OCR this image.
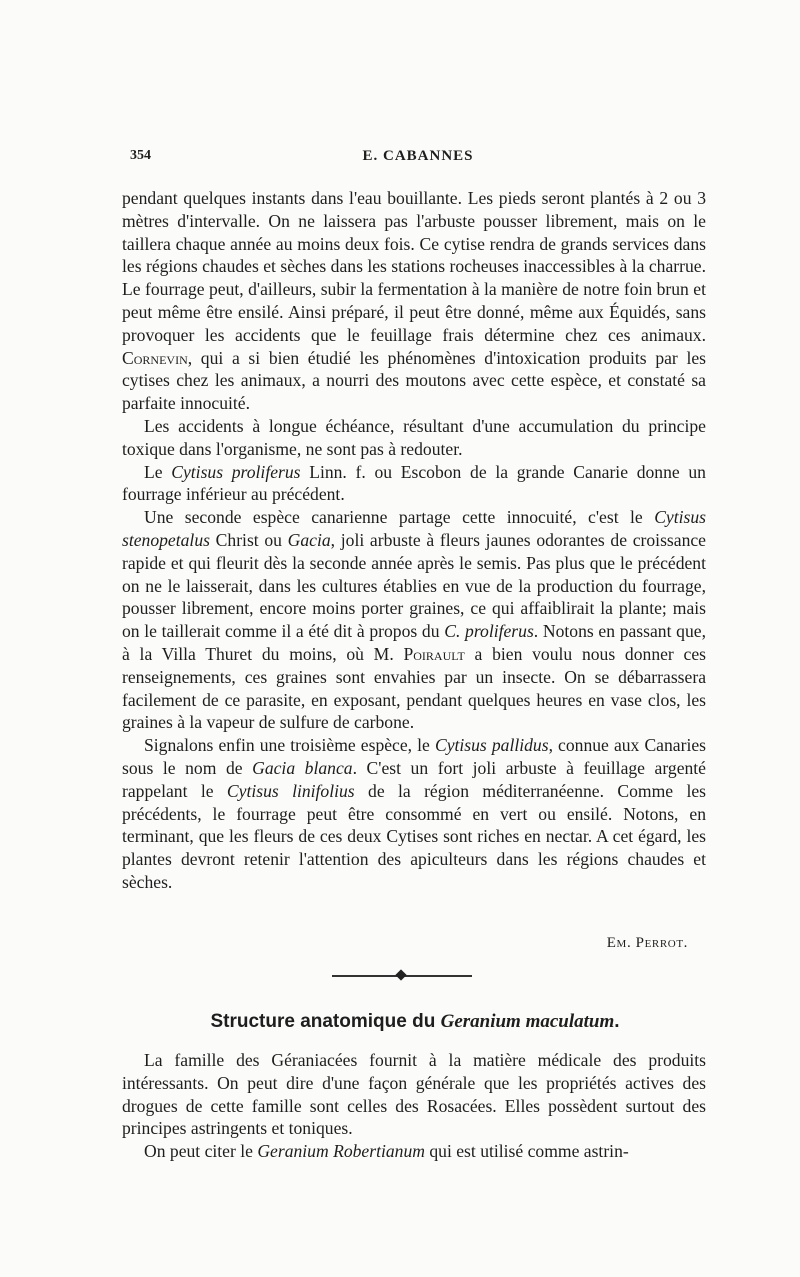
354	E. CABANNES

pendant quelques instants dans l'eau bouillante. Les pieds seront plantés à 2 ou 3 mètres d'intervalle. On ne laissera pas l'arbuste pousser librement, mais on le taillera chaque année au moins deux fois. Ce cytise rendra de grands services dans les régions chaudes et sèches dans les stations rocheuses inaccessibles à la charrue. Le fourrage peut, d'ailleurs, subir la fermentation à la manière de notre foin brun et peut même être ensilé. Ainsi préparé, il peut être donné, même aux Équidés, sans provoquer les accidents que le feuillage frais détermine chez ces animaux. Cornevin, qui a si bien étudié les phénomènes d'intoxication produits par les cytises chez les animaux, a nourri des moutons avec cette espèce, et constaté sa parfaite innocuité.

Les accidents à longue échéance, résultant d'une accumulation du principe toxique dans l'organisme, ne sont pas à redouter.

Le Cytisus proliferus Linn. f. ou Escobon de la grande Canarie donne un fourrage inférieur au précédent.

Une seconde espèce canarienne partage cette innocuité, c'est le Cytisus stenopetalus Christ ou Gacia, joli arbuste à fleurs jaunes odorantes de croissance rapide et qui fleurit dès la seconde année après le semis. Pas plus que le précédent on ne le laisserait, dans les cultures établies en vue de la production du fourrage, pousser librement, encore moins porter graines, ce qui affaiblirait la plante; mais on le taillerait comme il a été dit à propos du C. proliferus. Notons en passant que, à la Villa Thuret du moins, où M. Poirault a bien voulu nous donner ces renseignements, ces graines sont envahies par un insecte. On se débarrassera facilement de ce parasite, en exposant, pendant quelques heures en vase clos, les graines à la vapeur de sulfure de carbone.

Signalons enfin une troisième espèce, le Cytisus pallidus, connue aux Canaries sous le nom de Gacia blanca. C'est un fort joli arbuste à feuillage argenté rappelant le Cytisus linifolius de la région méditerranéenne. Comme les précédents, le fourrage peut être consommé en vert ou ensilé. Notons, en terminant, que les fleurs de ces deux Cytises sont riches en nectar. A cet égard, les plantes devront retenir l'attention des apiculteurs dans les régions chaudes et sèches.

Em. Perrot.
Structure anatomique du Geranium maculatum.

La famille des Géraniacées fournit à la matière médicale des produits intéressants. On peut dire d'une façon générale que les propriétés actives des drogues de cette famille sont celles des Rosacées. Elles possèdent surtout des principes astringents et toniques.

On peut citer le Geranium Robertianum qui est utilisé comme astrin-
